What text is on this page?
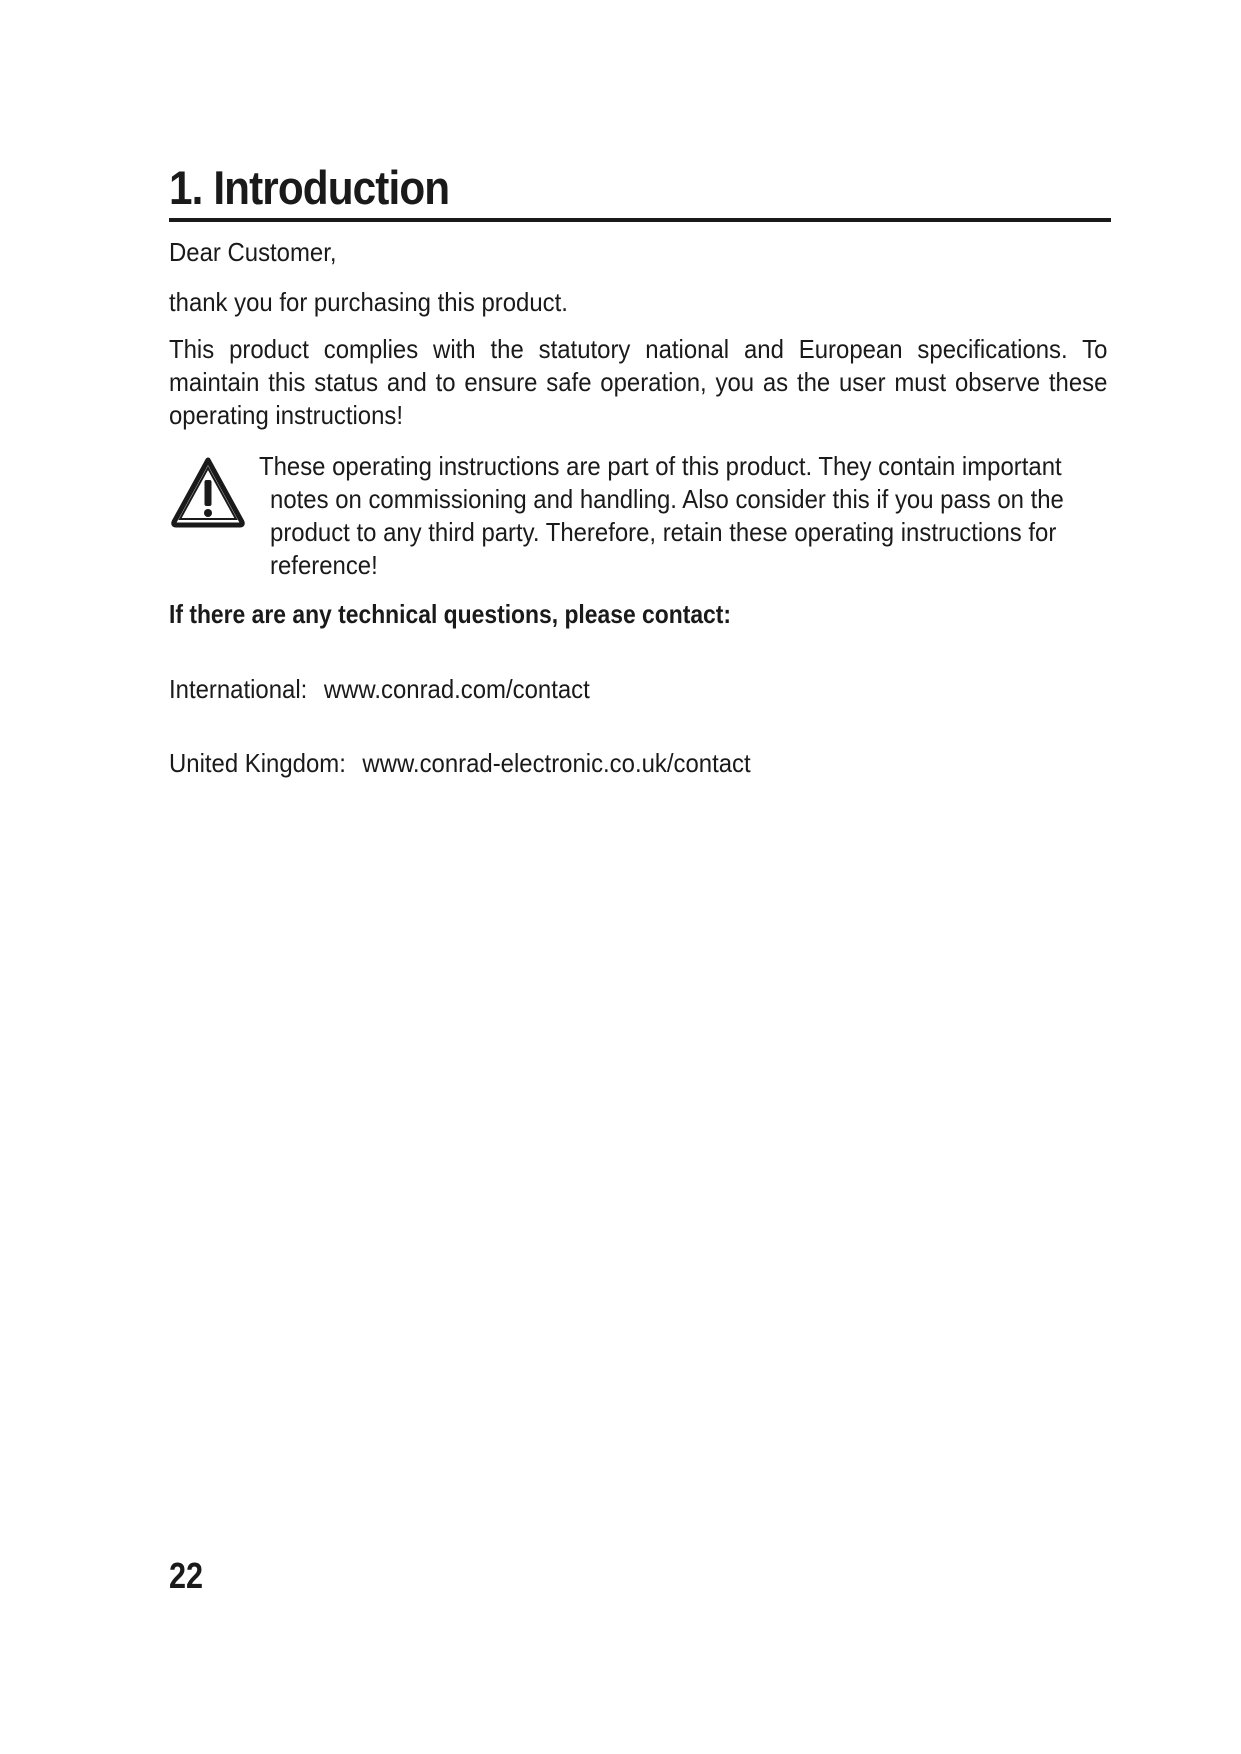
1. Introduction

Dear Customer,

thank you for purchasing this product.

This product complies with the statutory national and European specifications. To maintain this status and to ensure safe operation, you as the user must observe these operating instructions!

These operating instructions are part of this product. They contain important notes on commissioning and handling. Also consider this if you pass on the product to any third party. Therefore, retain these operating instructions for reference!

If there are any technical questions, please contact:

International: www.conrad.com/contact
United Kingdom: www.conrad-electronic.co.uk/contact
22
